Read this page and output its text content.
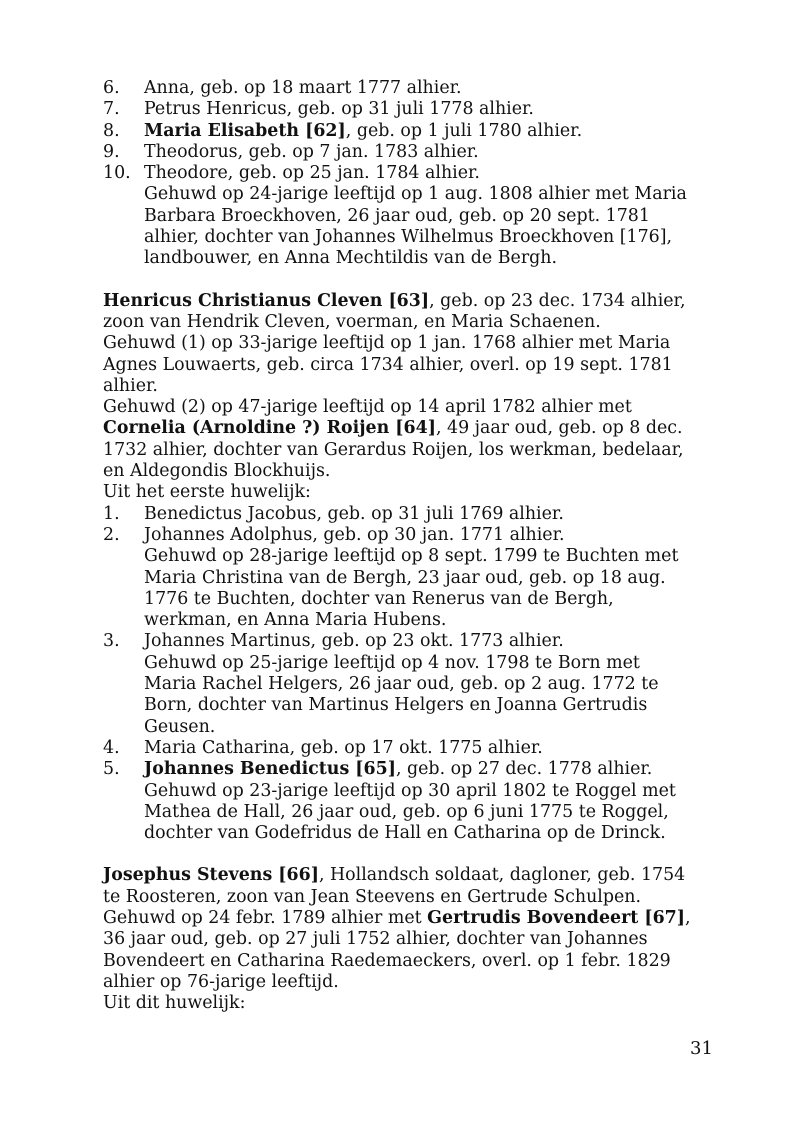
6. Anna, geb. op 18 maart 1777 alhier.
7. Petrus Henricus, geb. op 31 juli 1778 alhier.
8. Maria Elisabeth [62], geb. op 1 juli 1780 alhier.
9. Theodorus, geb. op 7 jan. 1783 alhier.
10. Theodore, geb. op 25 jan. 1784 alhier.
Gehuwd op 24-jarige leeftijd op 1 aug. 1808 alhier met Maria
Barbara Broeckhoven, 26 jaar oud, geb. op 20 sept. 1781
alhier, dochter van Johannes Wilhelmus Broeckhoven [176],
landbouwer, en Anna Mechtildis van de Bergh.
Henricus Christianus Cleven [63], geb. op 23 dec. 1734 alhier,
zoon van Hendrik Cleven, voerman, en Maria Schaenen.
Gehuwd (1) op 33-jarige leeftijd op 1 jan. 1768 alhier met Maria
Agnes Louwaerts, geb. circa 1734 alhier, overl. op 19 sept. 1781
alhier.
Gehuwd (2) op 47-jarige leeftijd op 14 april 1782 alhier met
Cornelia (Arnoldine ?) Roijen [64], 49 jaar oud, geb. op 8 dec.
1732 alhier, dochter van Gerardus Roijen, los werkman, bedelaar,
en Aldegondis Blockhuijs.
Uit het eerste huwelijk:
1. Benedictus Jacobus, geb. op 31 juli 1769 alhier.
2. Johannes Adolphus, geb. op 30 jan. 1771 alhier.
Gehuwd op 28-jarige leeftijd op 8 sept. 1799 te Buchten met
Maria Christina van de Bergh, 23 jaar oud, geb. op 18 aug.
1776 te Buchten, dochter van Renerus van de Bergh,
werkman, en Anna Maria Hubens.
3. Johannes Martinus, geb. op 23 okt. 1773 alhier.
Gehuwd op 25-jarige leeftijd op 4 nov. 1798 te Born met
Maria Rachel Helgers, 26 jaar oud, geb. op 2 aug. 1772 te
Born, dochter van Martinus Helgers en Joanna Gertrudis
Geusen.
4. Maria Catharina, geb. op 17 okt. 1775 alhier.
5. Johannes Benedictus [65], geb. op 27 dec. 1778 alhier.
Gehuwd op 23-jarige leeftijd op 30 april 1802 te Roggel met
Mathea de Hall, 26 jaar oud, geb. op 6 juni 1775 te Roggel,
dochter van Godefridus de Hall en Catharina op de Drinck.
Josephus Stevens [66], Hollandsch soldaat, dagloner, geb. 1754
te Roosteren, zoon van Jean Steevens en Gertrude Schulpen.
Gehuwd op 24 febr. 1789 alhier met Gertrudis Bovendeert [67],
36 jaar oud, geb. op 27 juli 1752 alhier, dochter van Johannes
Bovendeert en Catharina Raedemaeckers, overl. op 1 febr. 1829
alhier op 76-jarige leeftijd.
Uit dit huwelijk:
31
